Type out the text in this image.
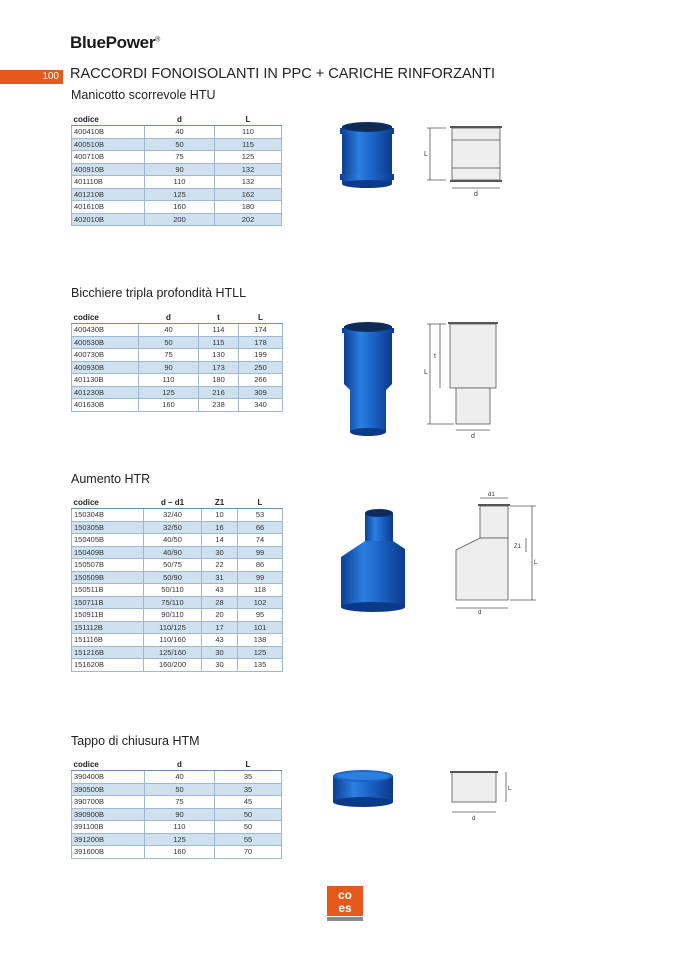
BluePower®
100 RACCORDI FONOISOLANTI IN PPC + CARICHE RINFORZANTI
Manicotto scorrevole HTU
codice	d	L
400410B	40	110
400510B	50	115
400710B	75	125
400910B	90	132
401110B	110	132
401210B	125	162
401610B	160	180
402010B	200	202
L
d
Bicchiere tripla profondità HTLL
codice	d	t	L
400430B	40	114	174
400530B	50	115	178
400730B	75	130	199
400930B	90	173	250
401130B	110	180	266
401230B	125	216	309
401630B	160	238	340
L
t
d
Aumento HTR
codice	d – d1	Z1	L
150304B	32/40	10	53
150305B	32/50	16	66
150405B	40/50	14	74
150409B	40/90	30	99
150507B	50/75	22	86
150509B	50/90	31	99
150511B	50/110	43	118
150711B	75/110	28	102
150911B	90/110	20	95
151112B	110/125	17	101
151116B	110/160	43	138
151216B	125/160	30	125
151620B	160/200	30	135
d1
Z1
L
d
Tappo di chiusura HTM
codice	d	L
390400B	40	35
390500B	50	35
390700B	75	45
390900B	90	50
391100B	110	50
391200B	125	55
391600B	160	70
L
d
co
es
